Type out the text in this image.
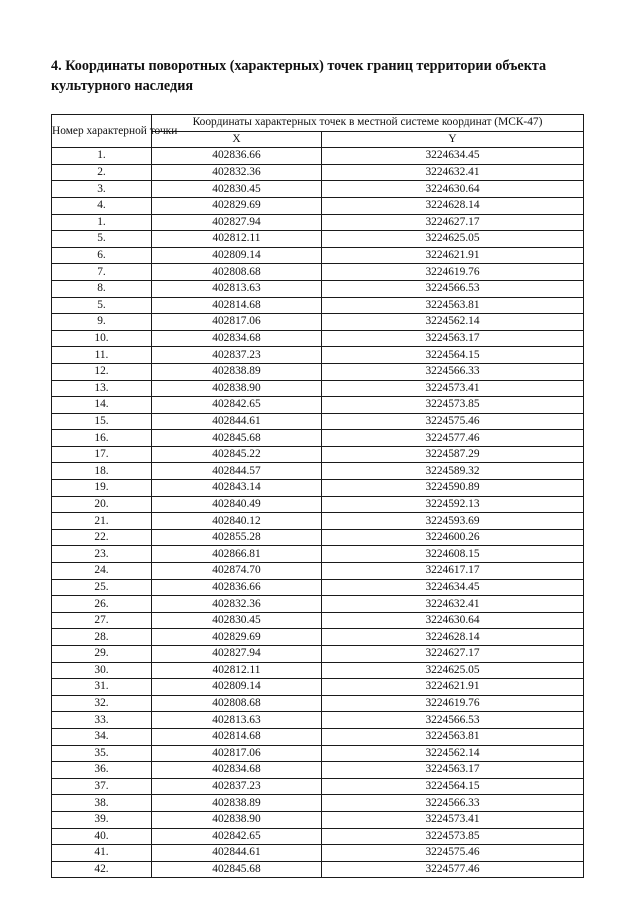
4. Координаты поворотных (характерных) точек границ территории объекта культурного наследия
Номер характерной точки	Координаты характерных точек в местной системе координат (МСК-47)	
	X	Y
1.	402836.66	3224634.45
2.	402832.36	3224632.41
3.	402830.45	3224630.64
4.	402829.69	3224628.14
1.	402827.94	3224627.17
5.	402812.11	3224625.05
6.	402809.14	3224621.91
7.	402808.68	3224619.76
8.	402813.63	3224566.53
5.	402814.68	3224563.81
9.	402817.06	3224562.14
10.	402834.68	3224563.17
11.	402837.23	3224564.15
12.	402838.89	3224566.33
13.	402838.90	3224573.41
14.	402842.65	3224573.85
15.	402844.61	3224575.46
16.	402845.68	3224577.46
17.	402845.22	3224587.29
18.	402844.57	3224589.32
19.	402843.14	3224590.89
20.	402840.49	3224592.13
21.	402840.12	3224593.69
22.	402855.28	3224600.26
23.	402866.81	3224608.15
24.	402874.70	3224617.17
25.	402836.66	3224634.45
26.	402832.36	3224632.41
27.	402830.45	3224630.64
28.	402829.69	3224628.14
29.	402827.94	3224627.17
30.	402812.11	3224625.05
31.	402809.14	3224621.91
32.	402808.68	3224619.76
33.	402813.63	3224566.53
34.	402814.68	3224563.81
35.	402817.06	3224562.14
36.	402834.68	3224563.17
37.	402837.23	3224564.15
38.	402838.89	3224566.33
39.	402838.90	3224573.41
40.	402842.65	3224573.85
41.	402844.61	3224575.46
42.	402845.68	3224577.46
